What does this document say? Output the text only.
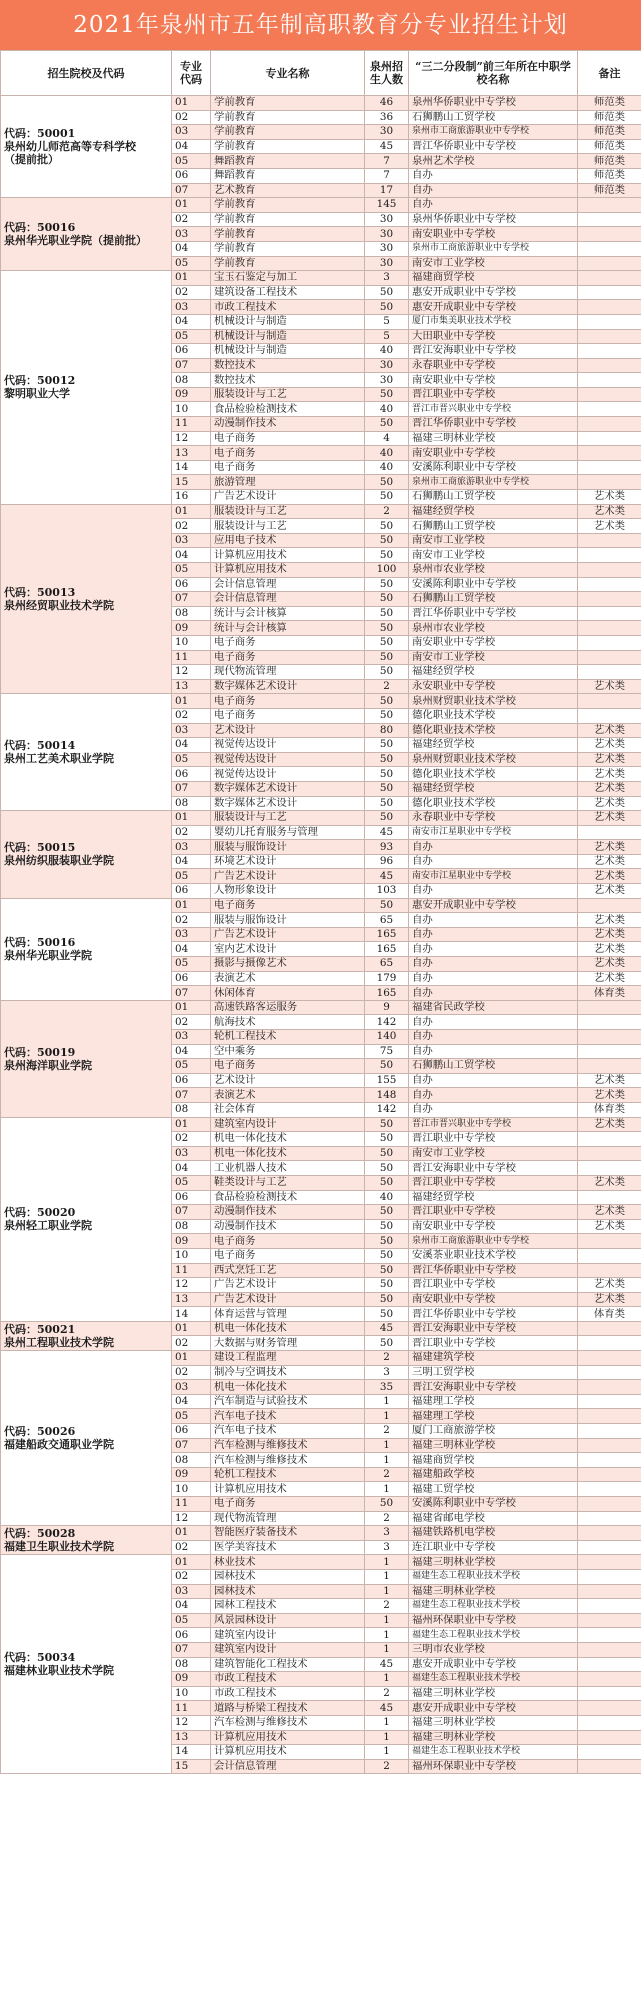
2021年泉州市五年制高职教育分专业招生计划
招生院校及代码	专业代码	专业名称	泉州招生人数	“三二分段制”前三年所在中职学校名称	备注
代码：50001
泉州幼儿师范高等专科学校
（提前批）	01	学前教育	46	泉州华侨职业中专学校	师范类
	02	学前教育	36	石狮鹏山工贸学校	师范类
	03	学前教育	30	泉州市工商旅游职业中专学校	师范类
	04	学前教育	45	晋江华侨职业中专学校	师范类
	05	舞蹈教育	7	泉州艺术学校	师范类
	06	舞蹈教育	7	自办	师范类
	07	艺术教育	17	自办	师范类
代码：50016
泉州华光职业学院（提前批）	01	学前教育	145	自办	
	02	学前教育	30	泉州华侨职业中专学校	
	03	学前教育	30	南安职业中专学校	
	04	学前教育	30	泉州市工商旅游职业中专学校	
	05	学前教育	30	南安市工业学校	
代码：50012
黎明职业大学	01	宝玉石鉴定与加工	3	福建商贸学校	
	02	建筑设备工程技术	50	惠安开成职业中专学校	
	03	市政工程技术	50	惠安开成职业中专学校	
	04	机械设计与制造	5	厦门市集美职业技术学校	
	05	机械设计与制造	5	大田职业中专学校	
	06	机械设计与制造	40	晋江安海职业中专学校	
	07	数控技术	30	永春职业中专学校	
	08	数控技术	30	南安职业中专学校	
	09	服装设计与工艺	50	晋江职业中专学校	
	10	食品检验检测技术	40	晋江市晋兴职业中专学校	
	11	动漫制作技术	50	晋江华侨职业中专学校	
	12	电子商务	4	福建三明林业学校	
	13	电子商务	40	南安职业中专学校	
	14	电子商务	40	安溪陈利职业中专学校	
	15	旅游管理	50	泉州市工商旅游职业中专学校	
	16	广告艺术设计	50	石狮鹏山工贸学校	艺术类
代码：50013
泉州经贸职业技术学院	01	服装设计与工艺	2	福建经贸学校	艺术类
	02	服装设计与工艺	50	石狮鹏山工贸学校	艺术类
	03	应用电子技术	50	南安市工业学校	
	04	计算机应用技术	50	南安市工业学校	
	05	计算机应用技术	100	泉州市农业学校	
	06	会计信息管理	50	安溪陈利职业中专学校	
	07	会计信息管理	50	石狮鹏山工贸学校	
	08	统计与会计核算	50	晋江华侨职业中专学校	
	09	统计与会计核算	50	泉州市农业学校	
	10	电子商务	50	南安职业中专学校	
	11	电子商务	50	南安市工业学校	
	12	现代物流管理	50	福建经贸学校	
	13	数字媒体艺术设计	2	永安职业中专学校	艺术类
代码：50014
泉州工艺美术职业学院	01	电子商务	50	泉州财贸职业技术学校	
	02	电子商务	50	德化职业技术学校	
	03	艺术设计	80	德化职业技术学校	艺术类
	04	视觉传达设计	50	福建经贸学校	艺术类
	05	视觉传达设计	50	泉州财贸职业技术学校	艺术类
	06	视觉传达设计	50	德化职业技术学校	艺术类
	07	数字媒体艺术设计	50	福建经贸学校	艺术类
	08	数字媒体艺术设计	50	德化职业技术学校	艺术类
代码：50015
泉州纺织服装职业学院	01	服装设计与工艺	50	永春职业中专学校	艺术类
	02	婴幼儿托育服务与管理	45	南安市江星职业中专学校	
	03	服装与服饰设计	93	自办	艺术类
	04	环境艺术设计	96	自办	艺术类
	05	广告艺术设计	45	南安市江星职业中专学校	艺术类
	06	人物形象设计	103	自办	艺术类
代码：50016
泉州华光职业学院	01	电子商务	50	惠安开成职业中专学校	
	02	服装与服饰设计	65	自办	艺术类
	03	广告艺术设计	165	自办	艺术类
	04	室内艺术设计	165	自办	艺术类
	05	摄影与摄像艺术	65	自办	艺术类
	06	表演艺术	179	自办	艺术类
	07	休闲体育	165	自办	体育类
代码：50019
泉州海洋职业学院	01	高速铁路客运服务	9	福建省民政学校	
	02	航海技术	142	自办	
	03	轮机工程技术	140	自办	
	04	空中乘务	75	自办	
	05	电子商务	50	石狮鹏山工贸学校	
	06	艺术设计	155	自办	艺术类
	07	表演艺术	148	自办	艺术类
	08	社会体育	142	自办	体育类
代码：50020
泉州轻工职业学院	01	建筑室内设计	50	晋江市晋兴职业中专学校	艺术类
	02	机电一体化技术	50	晋江职业中专学校	
	03	机电一体化技术	50	南安市工业学校	
	04	工业机器人技术	50	晋江安海职业中专学校	
	05	鞋类设计与工艺	50	晋江职业中专学校	艺术类
	06	食品检验检测技术	40	福建经贸学校	
	07	动漫制作技术	50	晋江职业中专学校	艺术类
	08	动漫制作技术	50	南安职业中专学校	艺术类
	09	电子商务	50	泉州市工商旅游职业中专学校	
	10	电子商务	50	安溪茶业职业技术学校	
	11	西式烹饪工艺	50	晋江华侨职业中专学校	
	12	广告艺术设计	50	晋江职业中专学校	艺术类
	13	广告艺术设计	50	南安职业中专学校	艺术类
	14	体育运营与管理	50	晋江华侨职业中专学校	体育类
代码：50021
泉州工程职业技术学院	01	机电一体化技术	45	晋江安海职业中专学校	
	02	大数据与财务管理	50	晋江职业中专学校	
代码：50026
福建船政交通职业学院	01	建设工程监理	2	福建建筑学校	
	02	制冷与空调技术	3	三明工贸学校	
	03	机电一体化技术	35	晋江安海职业中专学校	
	04	汽车制造与试验技术	1	福建理工学校	
	05	汽车电子技术	1	福建理工学校	
	06	汽车电子技术	2	厦门工商旅游学校	
	07	汽车检测与维修技术	1	福建三明林业学校	
	08	汽车检测与维修技术	1	福建商贸学校	
	09	轮机工程技术	2	福建船政学校	
	10	计算机应用技术	1	福建工贸学校	
	11	电子商务	50	安溪陈利职业中专学校	
	12	现代物流管理	2	福建省邮电学校	
代码：50028
福建卫生职业技术学院	01	智能医疗装备技术	3	福建铁路机电学校	
	02	医学美容技术	3	连江职业中专学校	
代码：50034
福建林业职业技术学院	01	林业技术	1	福建三明林业学校	
	02	园林技术	1	福建生态工程职业技术学校	
	03	园林技术	1	福建三明林业学校	
	04	园林工程技术	2	福建生态工程职业技术学校	
	05	风景园林设计	1	福州环保职业中专学校	
	06	建筑室内设计	1	福建生态工程职业技术学校	
	07	建筑室内设计	1	三明市农业学校	
	08	建筑智能化工程技术	45	惠安开成职业中专学校	
	09	市政工程技术	1	福建生态工程职业技术学校	
	10	市政工程技术	2	福建三明林业学校	
	11	道路与桥梁工程技术	45	惠安开成职业中专学校	
	12	汽车检测与维修技术	1	福建三明林业学校	
	13	计算机应用技术	1	福建三明林业学校	
	14	计算机应用技术	1	福建生态工程职业技术学校	
	15	会计信息管理	2	福州环保职业中专学校	
